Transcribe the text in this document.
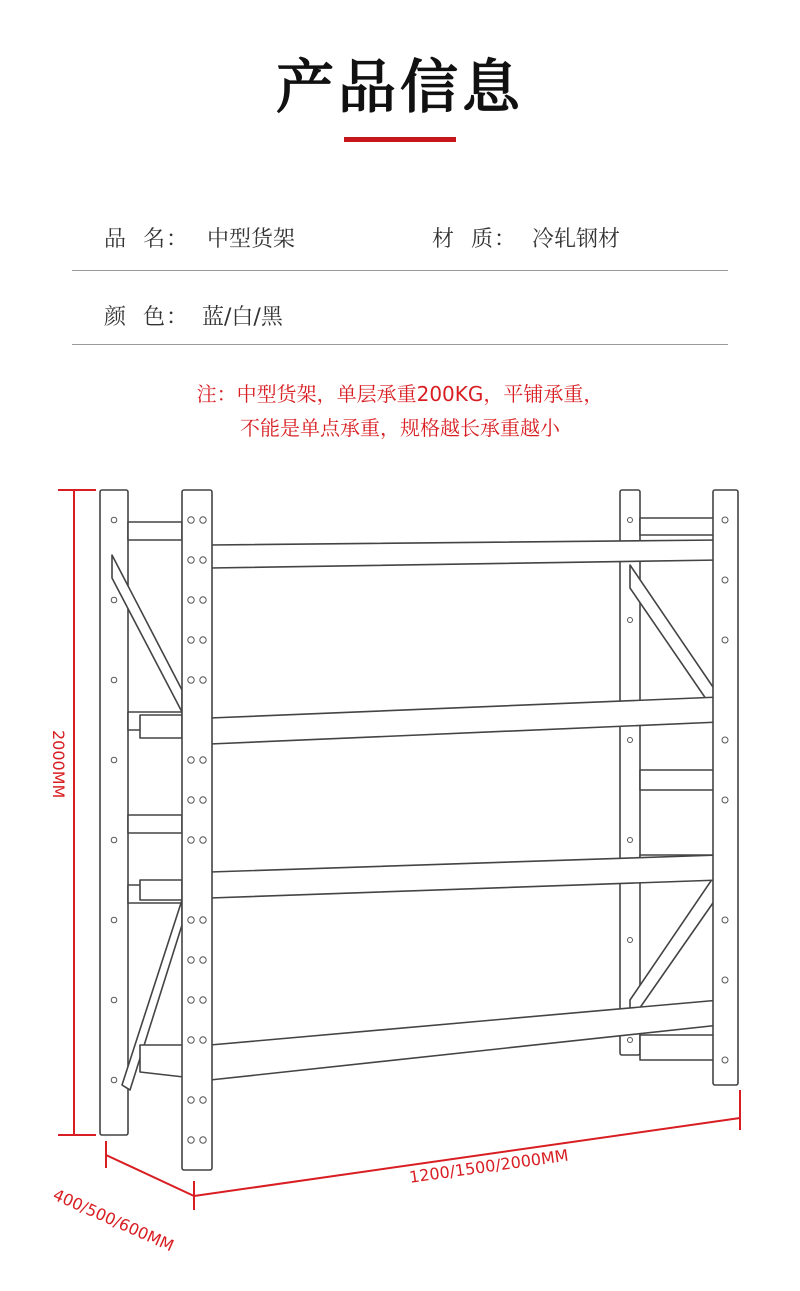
产品信息
品  名： 中型货架	材  质： 冷轧钢材
颜  色： 蓝/白/黑
注：中型货架，单层承重200KG，平铺承重，
不能是单点承重，规格越长承重越小
2000MM
400/500/600MM
1200/1500/2000MM
